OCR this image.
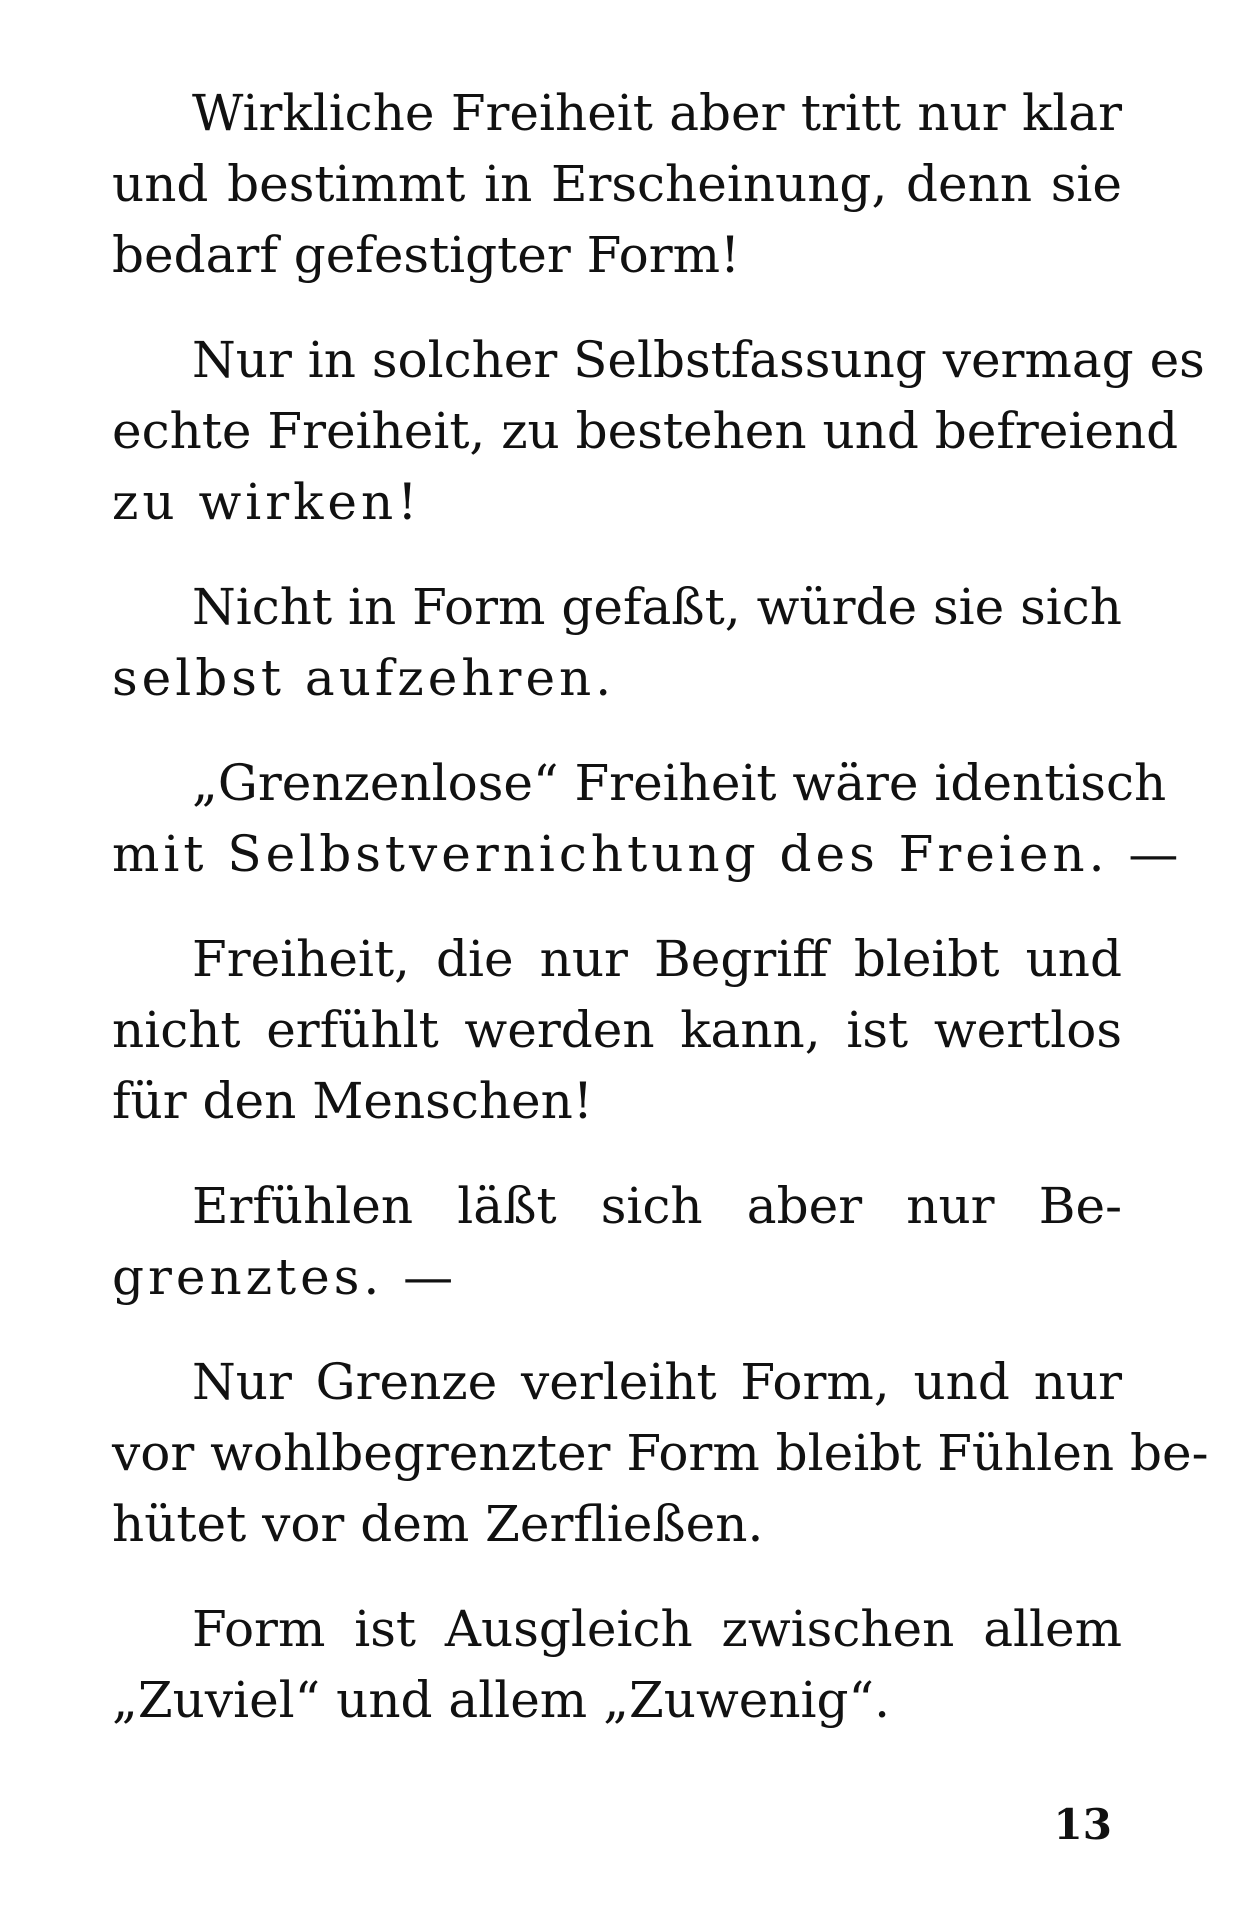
Wirkliche Freiheit aber tritt nur klar
und bestimmt in Erscheinung, denn sie
bedarf gefestigter Form!

Nur in solcher Selbstfassung vermag es
echte Freiheit, zu bestehen und befreiend
zu wirken!

Nicht in Form gefaßt, würde sie sich
selbst aufzehren.

„Grenzenlose“ Freiheit wäre identisch
mit Selbstvernichtung des Freien. —

Freiheit, die nur Begriff bleibt und
nicht erfühlt werden kann, ist wertlos
für den Menschen!

Erfühlen läßt sich aber nur Be-
grenztes. —

Nur Grenze verleiht Form, und nur
vor wohlbegrenzter Form bleibt Fühlen be-
hütet vor dem Zerfließen.

Form ist Ausgleich zwischen allem
„Zuviel“ und allem „Zuwenig“.

13
